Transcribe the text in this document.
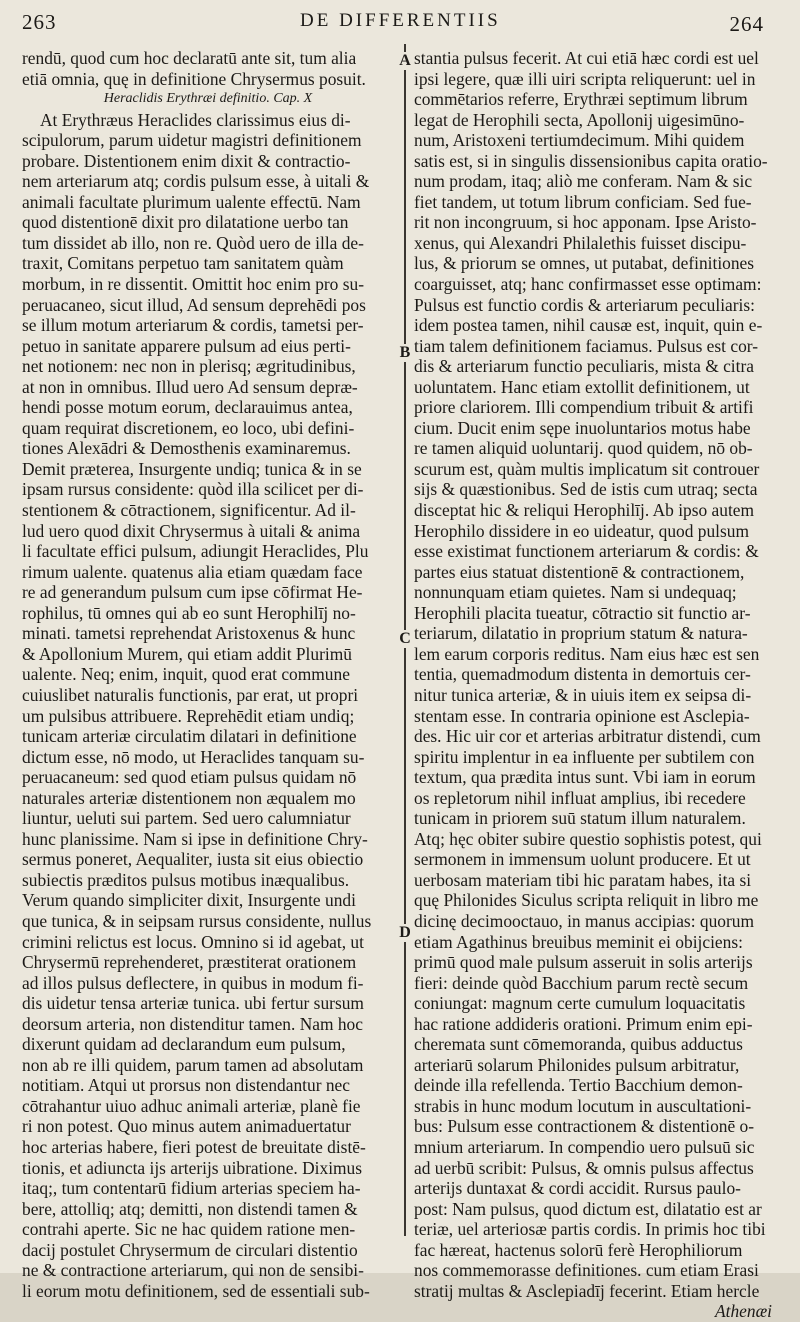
263	DE DIFFERENTIIS	264
rendū, quod cum hoc declaratū ante sit, tum alia
etiā omnia, quę in definitione Chrysermus posuit.
Heraclidis Erythræi definitio. Cap. X
At Erythræus Heraclides clarissimus eius di-
scipulorum, parum uidetur magistri definitionem
probare. Distentionem enim dixit & contractio-
nem arteriarum atq; cordis pulsum esse, à uitali &
animali facultate plurimum ualente effectū. Nam
quod distentionē dixit pro dilatatione uerbo tan
tum dissidet ab illo, non re. Quòd uero de illa de-
traxit, Comitans perpetuo tam sanitatem quàm
morbum, in re dissentit. Omittit hoc enim pro su-
peruacaneo, sicut illud, Ad sensum deprehēdi pos
se illum motum arteriarum & cordis, tametsi per-
petuo in sanitate apparere pulsum ad eius perti-
net notionem: nec non in plerisq; ægritudinibus,
at non in omnibus. Illud uero Ad sensum depræ-
hendi posse motum eorum, declarauimus antea,
quam requirat discretionem, eo loco, ubi defini-
tiones Alexādri & Demosthenis examinaremus.
Demit præterea, Insurgente undiq; tunica & in se
ipsam rursus considente: quòd illa scilicet per di-
stentionem & cōtractionem, significentur. Ad il-
lud uero quod dixit Chrysermus à uitali & anima
li facultate effici pulsum, adiungit Heraclides, Plu
rimum ualente. quatenus alia etiam quædam face
re ad generandum pulsum cum ipse cōfirmat He-
rophilus, tū omnes qui ab eo sunt Herophilīj no-
minati. tametsi reprehendat Aristoxenus & hunc
& Apollonium Murem, qui etiam addit Plurimū
ualente. Neq; enim, inquit, quod erat commune
cuiuslibet naturalis functionis, par erat, ut propri
um pulsibus attribuere. Reprehēdit etiam undiq;
tunicam arteriæ circulatim dilatari in definitione
dictum esse, nō modo, ut Heraclides tanquam su-
peruacaneum: sed quod etiam pulsus quidam nō
naturales arteriæ distentionem non æqualem mo
liuntur, ueluti sui partem. Sed uero calumniatur
hunc planissime. Nam si ipse in definitione Chry-
sermus poneret, Aequaliter, iusta sit eius obiectio
subiectis præditos pulsus motibus inæqualibus.
Verum quando simpliciter dixit, Insurgente undi
que tunica, & in seipsam rursus considente, nullus
crimini relictus est locus. Omnino si id agebat, ut
Chrysermū reprehenderet, præstiterat orationem
ad illos pulsus deflectere, in quibus in modum fi-
dis uidetur tensa arteriæ tunica. ubi fertur sursum
deorsum arteria, non distenditur tamen. Nam hoc
dixerunt quidam ad declarandum eum pulsum,
non ab re illi quidem, parum tamen ad absolutam
notitiam. Atqui ut prorsus non distendantur nec
cōtrahantur uiuo adhuc animali arteriæ, planè fie
ri non potest. Quo minus autem animaduertatur
hoc arterias habere, fieri potest de breuitate distē-
tionis, et adiuncta ijs arterijs uibratione. Diximus
itaq;, tum contentarū fidium arterias speciem ha-
bere, attolliq; atq; demitti, non distendi tamen &
contrahi aperte. Sic ne hac quidem ratione men-
dacij postulet Chrysermum de circulari distentio
ne & contractione arteriarum, qui non de sensibi-
li eorum motu definitionem, sed de essentiali sub-
stantia pulsus fecerit. At cui etiā hæc cordi est uel
ipsi legere, quæ illi uiri scripta reliquerunt: uel in
commētarios referre, Erythræi septimum librum
legat de Herophili secta, Apollonij uigesimūno-
num, Aristoxeni tertiumdecimum. Mihi quidem
satis est, si in singulis dissensionibus capita oratio-
num prodam, itaq; aliò me conferam. Nam & sic
fiet tandem, ut totum librum conficiam. Sed fue-
rit non incongruum, si hoc apponam. Ipse Aristo-
xenus, qui Alexandri Philalethis fuisset discipu-
lus, & priorum se omnes, ut putabat, definitiones
coarguisset, atq; hanc confirmasset esse optimam:
Pulsus est functio cordis & arteriarum peculiaris:
idem postea tamen, nihil causæ est, inquit, quin e-
tiam talem definitionem faciamus. Pulsus est cor-
dis & arteriarum functio peculiaris, mista & citra
uoluntatem. Hanc etiam extollit definitionem, ut
priore clariorem. Illi compendium tribuit & artifi
cium. Ducit enim sępe inuoluntarios motus habe
re tamen aliquid uoluntarij. quod quidem, nō ob-
scurum est, quàm multis implicatum sit controuer
sijs & quæstionibus. Sed de istis cum utraq; secta
disceptat hic & reliqui Herophilīj. Ab ipso autem
Herophilo dissidere in eo uideatur, quod pulsum
esse existimat functionem arteriarum & cordis: &
partes eius statuat distentionē & contractionem,
nonnunquam etiam quietes. Nam si undequaq;
Herophili placita tueatur, cōtractio sit functio ar-
teriarum, dilatatio in proprium statum & natura-
lem earum corporis reditus. Nam eius hæc est sen
tentia, quemadmodum distenta in demortuis cer-
nitur tunica arteriæ, & in uiuis item ex seipsa di-
stentam esse. In contraria opinione est Asclepia-
des. Hic uir cor et arterias arbitratur distendi, cum
spiritu implentur in ea influente per subtilem con
textum, qua prædita intus sunt. Vbi iam in eorum
os repletorum nihil influat amplius, ibi recedere
tunicam in priorem suū statum illum naturalem.
Atq; hęc obiter subire questio sophistis potest, qui
sermonem in immensum uolunt producere. Et ut
uerbosam materiam tibi hic paratam habes, ita si
quę Philonides Siculus scripta reliquit in libro me
dicinę decimooctauo, in manus accipias: quorum
etiam Agathinus breuibus meminit ei obijciens:
primū quod male pulsum asseruit in solis arterijs
fieri: deinde quòd Bacchium parum rectè secum
coniungat: magnum certe cumulum loquacitatis
hac ratione addideris orationi. Primum enim epi-
cheremata sunt cōmemoranda, quibus adductus
arteriarū solarum Philonides pulsum arbitratur,
deinde illa refellenda. Tertio Bacchium demon-
strabis in hunc modum locutum in auscultationi-
bus: Pulsum esse contractionem & distentionē o-
mnium arteriarum. In compendio uero pulsuū sic
ad uerbū scribit: Pulsus, & omnis pulsus affectus
arterijs duntaxat & cordi accidit. Rursus paulo-
post: Nam pulsus, quod dictum est, dilatatio est ar
teriæ, uel arteriosæ partis cordis. In primis hoc tibi
fac hæreat, hactenus solorū ferè Herophiliorum
nos commemorasse definitiones. cum etiam Erasi
stratij multas & Asclepiadīj fecerint. Etiam hercle
Athenæi
A
B
C
D
